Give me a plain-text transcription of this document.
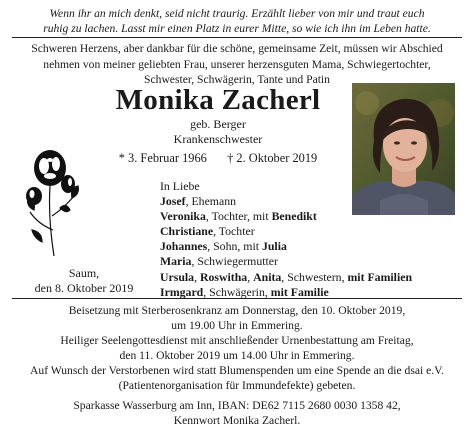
Wenn ihr an mich denkt, seid nicht traurig. Erzählt lieber von mir und traut euch
ruhig zu lachen. Lasst mir einen Platz in eurer Mitte, so wie ich ihn im Leben hatte.
Schweren Herzens, aber dankbar für die schöne, gemeinsame Zeit, müssen wir Abschied
nehmen von meiner geliebten Frau, unserer herzensguten Mama, Schwiegertochter,
Schwester, Schwägerin, Tante und Patin
Monika Zacherl
geb. Berger
Krankenschwester
* 3. Februar 1966 † 2. Oktober 2019
In Liebe
Josef, Ehemann
Veronika, Tochter, mit Benedikt
Christiane, Tochter
Johannes, Sohn, mit Julia
Maria, Schwiegermutter
Ursula, Roswitha, Anita, Schwestern, mit Familien
Irmgard, Schwägerin, mit Familie
Saum,
den 8. Oktober 2019
Beisetzung mit Sterberosenkranz am Donnerstag, den 10. Oktober 2019,
um 19.00 Uhr in Emmering.
Heiliger Seelengottesdienst mit anschließender Urnenbestattung am Freitag,
den 11. Oktober 2019 um 14.00 Uhr in Emmering.
Auf Wunsch der Verstorbenen wird statt Blumenspenden um eine Spende an die dsai e.V.
(Patientenorganisation für Immundefekte) gebeten.
Sparkasse Wasserburg am Inn, IBAN: DE62 7115 2680 0030 1358 42,
Kennwort Monika Zacherl.
